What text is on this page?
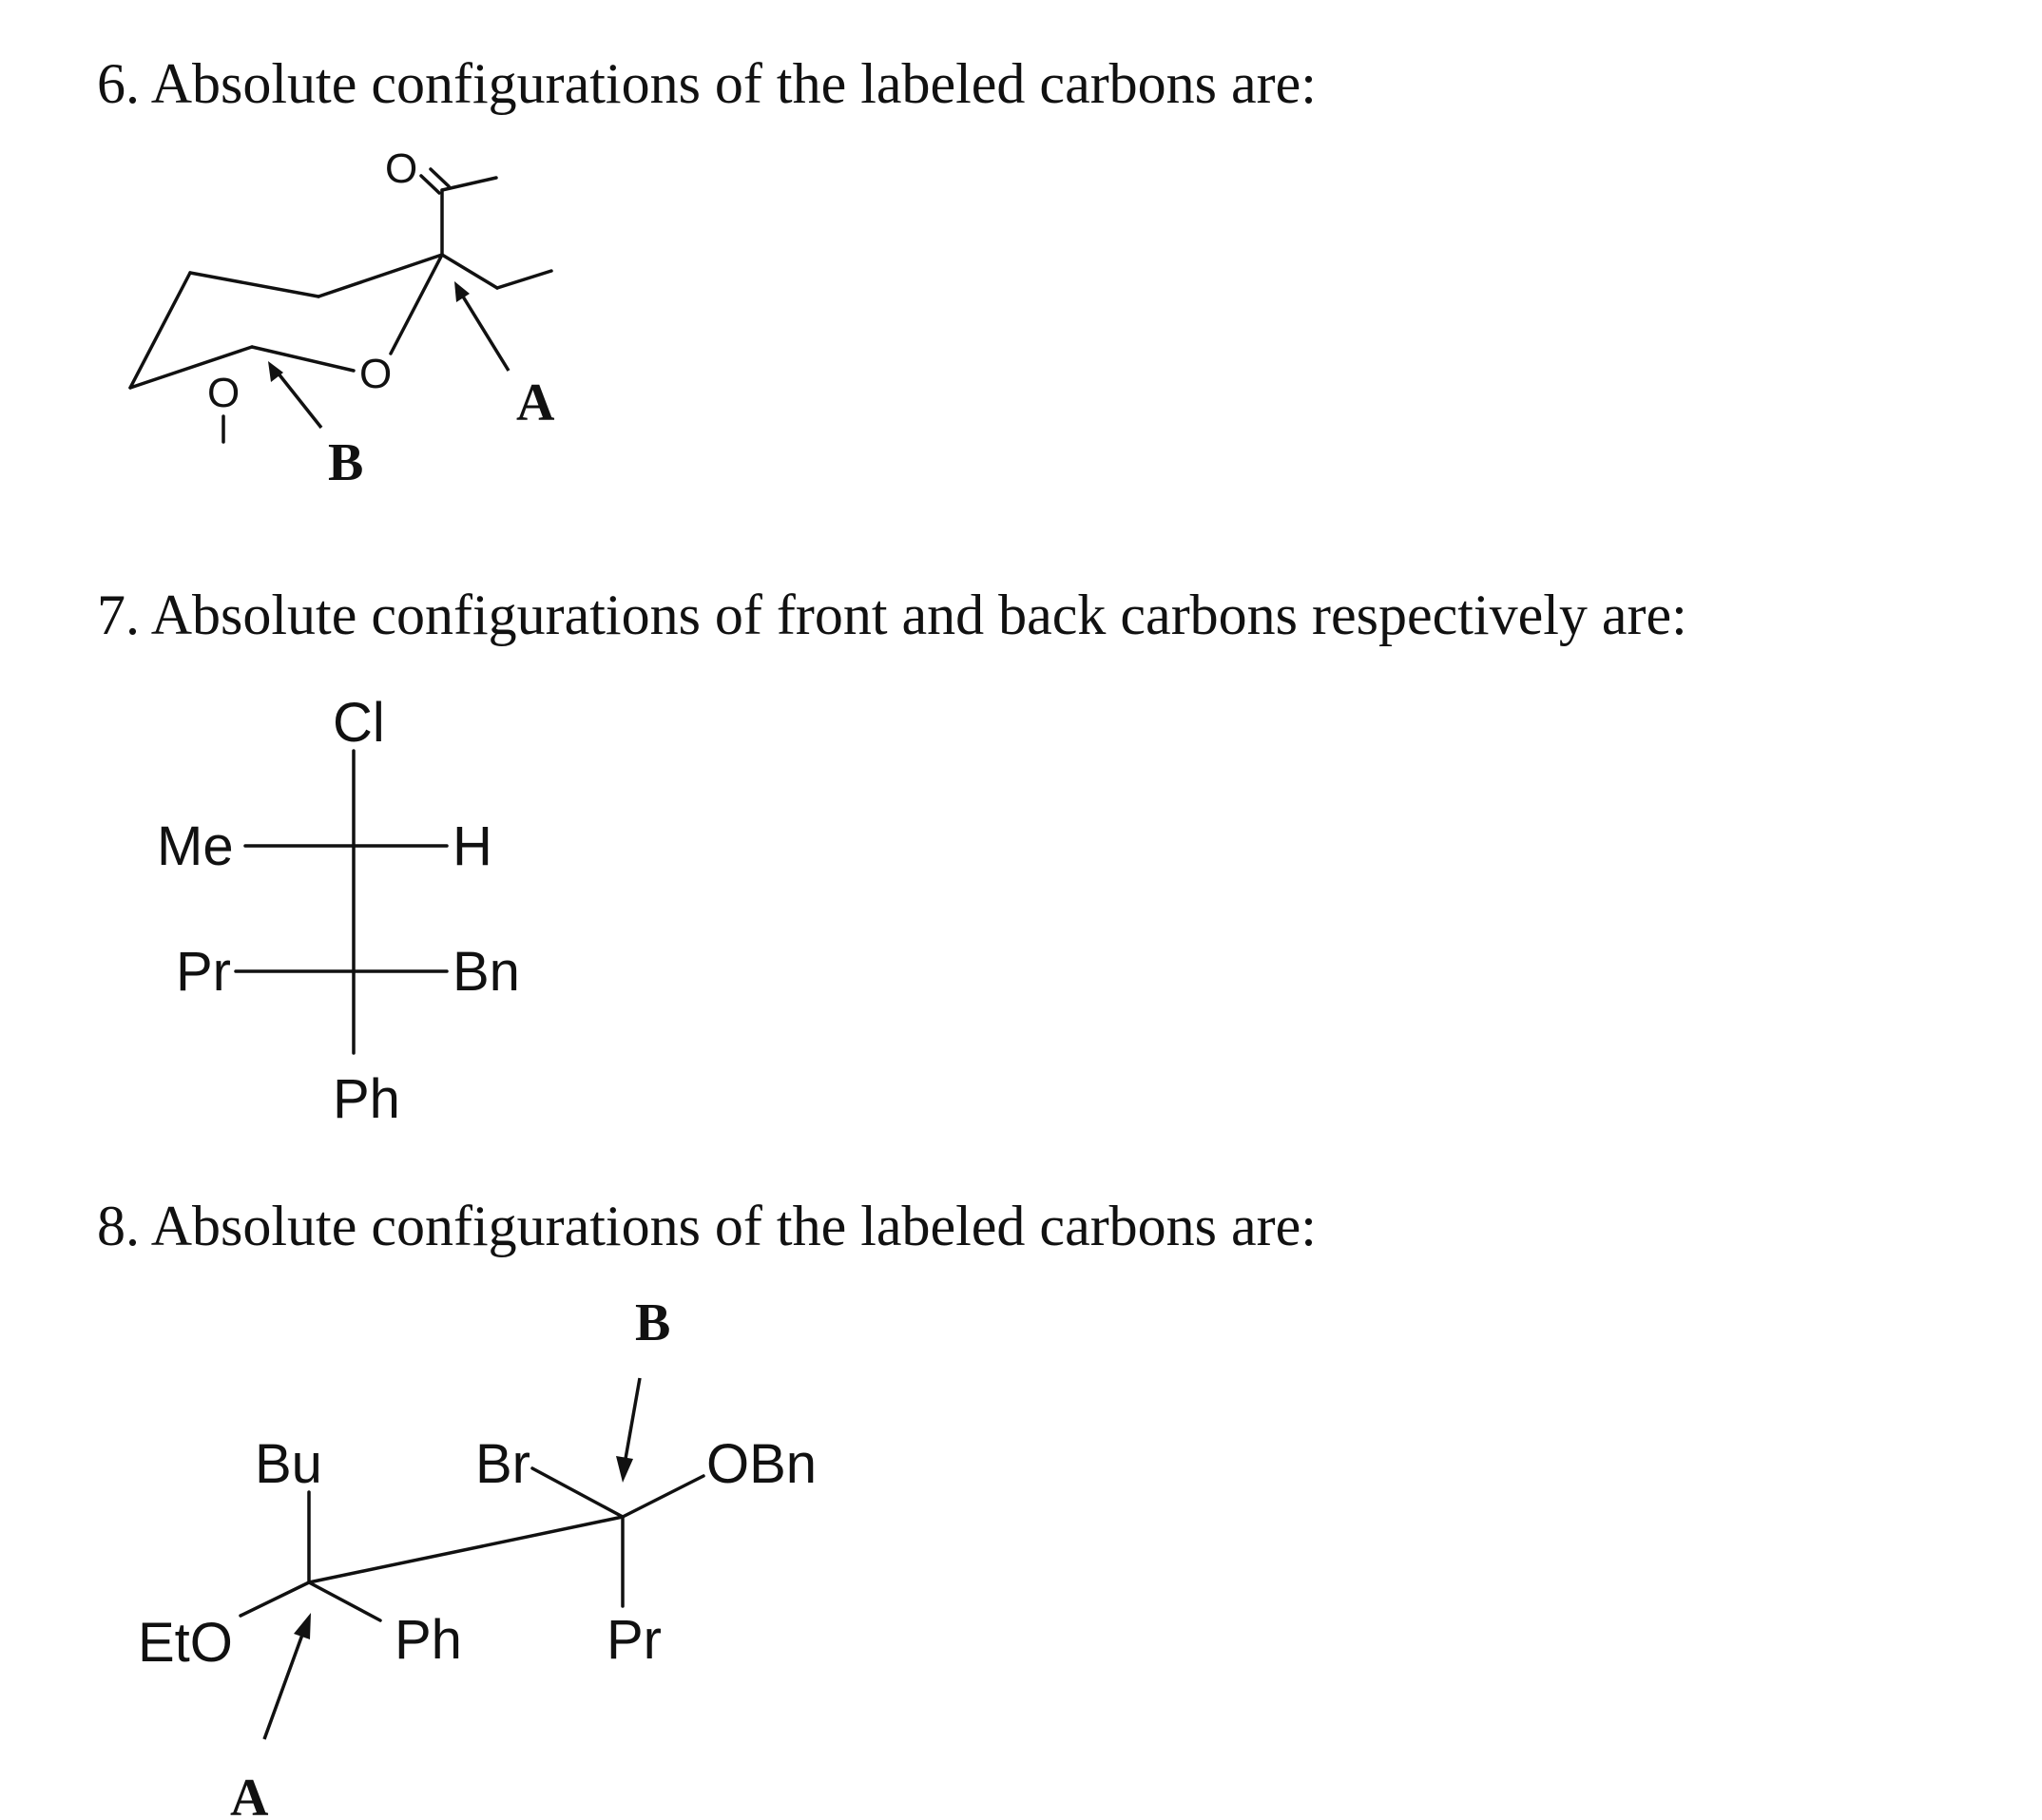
6. Absolute configurations of the labeled carbons are:

O
O
O	A
B

7. Absolute configurations of front and back carbons respectively are:

Cl
Me	H
Pr	Bn
Ph

8. Absolute configurations of the labeled carbons are:

Bu
EtO	Ph
Br	OBn
Pr
B
A
